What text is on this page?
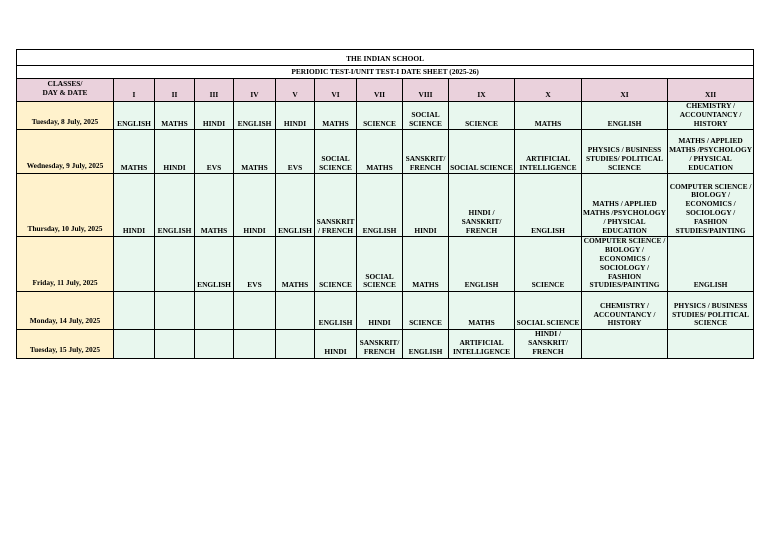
THE INDIAN SCHOOL												
PERIODIC TEST-I/UNIT TEST-I DATE SHEET (2025-26)												
CLASSES/
DAY & DATE	I	II	III	IV	V	VI	VII	VIII	IX	X	XI	XII
Tuesday, 8 July, 2025	ENGLISH	MATHS	HINDI	ENGLISH	HINDI	MATHS	SCIENCE	SOCIAL SCIENCE	SCIENCE	MATHS	ENGLISH	CHEMISTRY / ACCOUNTANCY / HISTORY
Wednesday, 9 July, 2025	MATHS	HINDI	EVS	MATHS	EVS	SOCIAL SCIENCE	MATHS	SANSKRIT/ FRENCH	SOCIAL SCIENCE	ARTIFICIAL INTELLIGENCE	PHYSICS / BUSINESS STUDIES/ POLITICAL SCIENCE	MATHS / APPLIED MATHS /PSYCHOLOGY / PHYSICAL EDUCATION
Thursday, 10 July, 2025	HINDI	ENGLISH	MATHS	HINDI	ENGLISH	SANSKRIT/ FRENCH	ENGLISH	HINDI	HINDI / SANSKRIT/ FRENCH	ENGLISH	MATHS / APPLIED MATHS /PSYCHOLOGY / PHYSICAL EDUCATION	COMPUTER SCIENCE / BIOLOGY / ECONOMICS / SOCIOLOGY / FASHION STUDIES/PAINTING
Friday, 11 July, 2025			ENGLISH	EVS	MATHS	SCIENCE	SOCIAL SCIENCE	MATHS	ENGLISH	SCIENCE	COMPUTER SCIENCE / BIOLOGY / ECONOMICS / SOCIOLOGY / FASHION STUDIES/PAINTING	ENGLISH
Monday, 14 July, 2025						ENGLISH	HINDI	SCIENCE	MATHS	SOCIAL SCIENCE	CHEMISTRY / ACCOUNTANCY / HISTORY	PHYSICS / BUSINESS STUDIES/ POLITICAL SCIENCE
Tuesday, 15 July, 2025						HINDI	SANSKRIT/ FRENCH	ENGLISH	ARTIFICIAL INTELLIGENCE	HINDI / SANSKRIT/ FRENCH		
